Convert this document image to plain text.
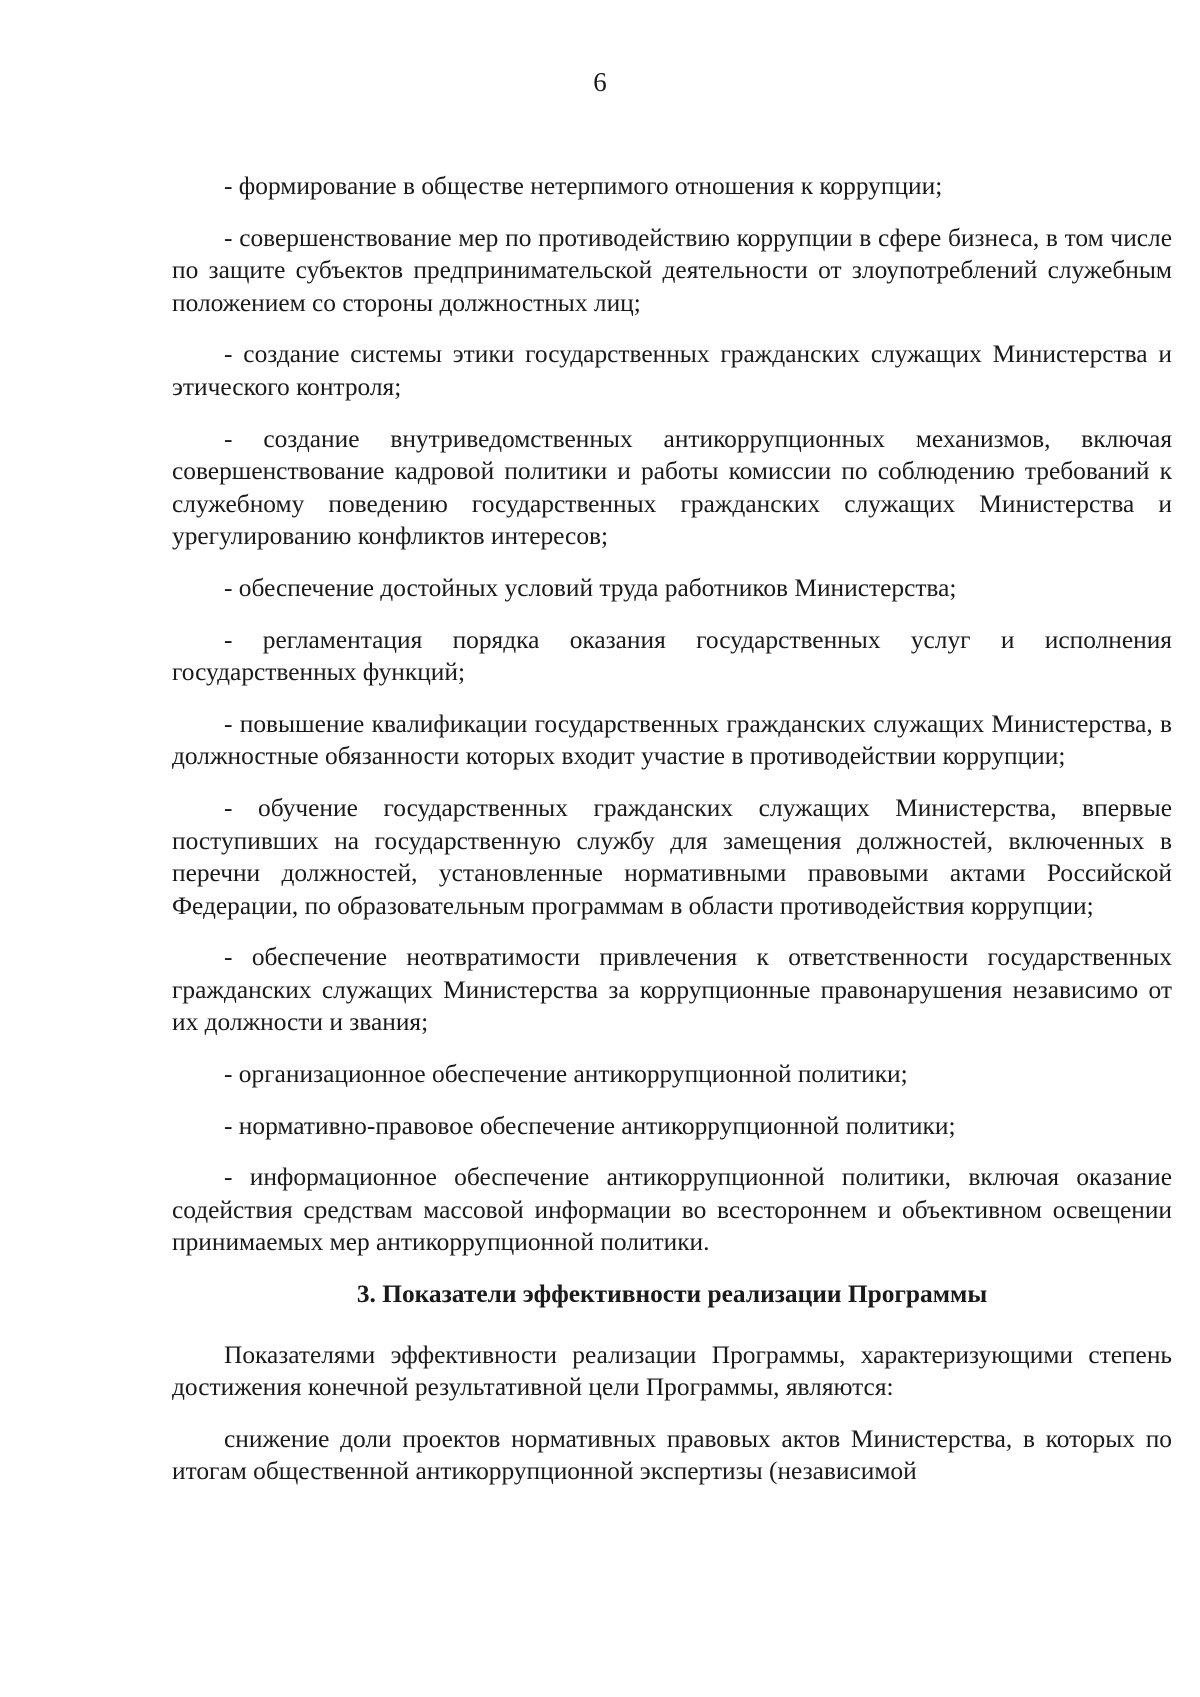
6

- формирование в обществе нетерпимого отношения к коррупции;

- совершенствование мер по противодействию коррупции в сфере бизнеса, в том числе по защите субъектов предпринимательской деятельности от злоупотреблений служебным положением со стороны должностных лиц;

- создание системы этики государственных гражданских служащих Министерства и этического контроля;

- создание внутриведомственных антикоррупционных механизмов, включая совершенствование кадровой политики и работы комиссии по соблюдению требований к служебному поведению государственных гражданских служащих Министерства и урегулированию конфликтов интересов;

- обеспечение достойных условий труда работников Министерства;

- регламентация порядка оказания государственных услуг и исполнения государственных функций;

- повышение квалификации государственных гражданских служащих Министерства, в должностные обязанности которых входит участие в противодействии коррупции;

- обучение государственных гражданских служащих Министерства, впервые поступивших на государственную службу для замещения должностей, включенных в перечни должностей, установленные нормативными правовыми актами Российской Федерации, по образовательным программам в области противодействия коррупции;

- обеспечение неотвратимости привлечения к ответственности государственных гражданских служащих Министерства за коррупционные правонарушения независимо от их должности и звания;

- организационное обеспечение антикоррупционной политики;

- нормативно-правовое обеспечение антикоррупционной политики;

- информационное обеспечение антикоррупционной политики, включая оказание содействия средствам массовой информации во всестороннем и объективном освещении принимаемых мер антикоррупционной политики.

3. Показатели эффективности реализации Программы

Показателями эффективности реализации Программы, характеризующими степень достижения конечной результативной цели Программы, являются:

снижение доли проектов нормативных правовых актов Министерства, в которых по итогам общественной антикоррупционной экспертизы (независимой
